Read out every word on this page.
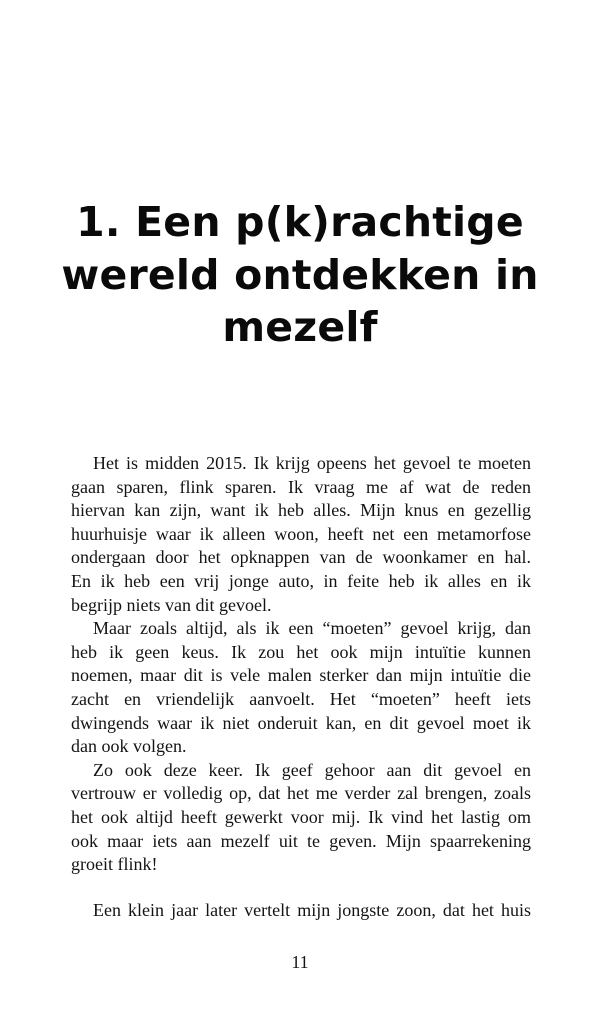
1. Een p(k)rachtige
wereld ontdekken in
mezelf
Het is midden 2015. Ik krijg opeens het gevoel te moeten
gaan sparen, flink sparen. Ik vraag me af wat de reden
hiervan kan zijn, want ik heb alles. Mijn knus en gezellig
huurhuisje waar ik alleen woon, heeft net een metamorfose
ondergaan door het opknappen van de woonkamer en hal.
En ik heb een vrij jonge auto, in feite heb ik alles en ik
begrijp niets van dit gevoel.
Maar zoals altijd, als ik een “moeten” gevoel krijg, dan
heb ik geen keus. Ik zou het ook mijn intuïtie kunnen
noemen, maar dit is vele malen sterker dan mijn intuïtie die
zacht en vriendelijk aanvoelt. Het “moeten” heeft iets
dwingends waar ik niet onderuit kan, en dit gevoel moet ik
dan ook volgen.
Zo ook deze keer. Ik geef gehoor aan dit gevoel en
vertrouw er volledig op, dat het me verder zal brengen, zoals
het ook altijd heeft gewerkt voor mij. Ik vind het lastig om
ook maar iets aan mezelf uit te geven. Mijn spaarrekening
groeit flink!
Een klein jaar later vertelt mijn jongste zoon, dat het huis
11
